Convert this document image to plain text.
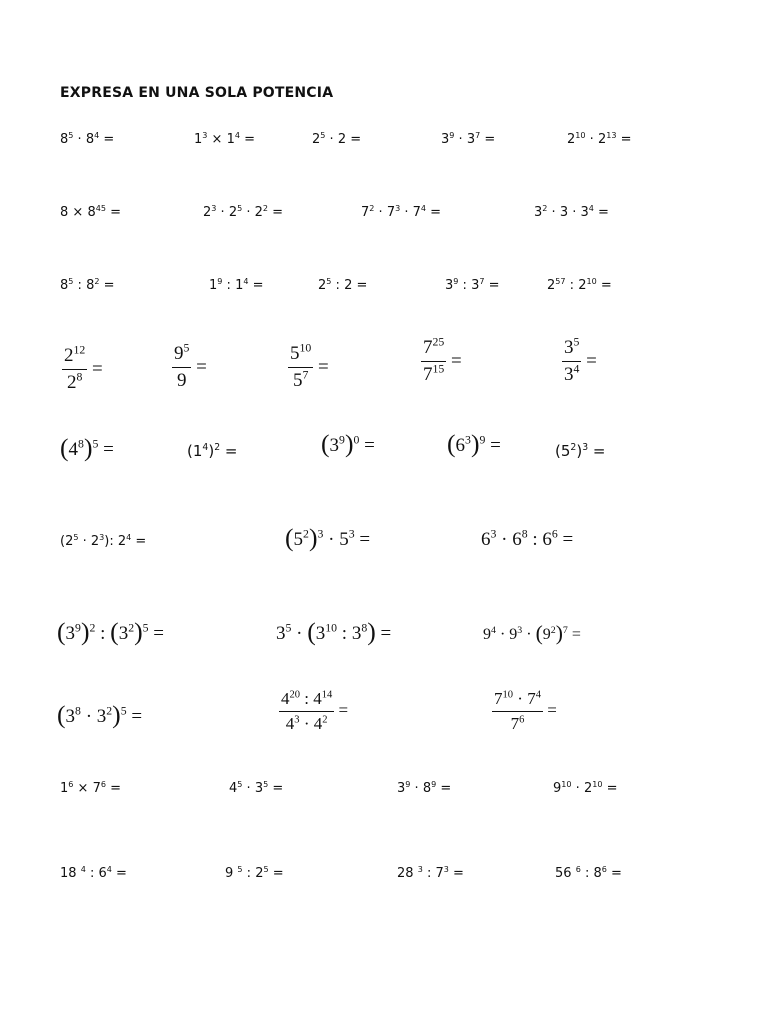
EXPRESA EN UNA SOLA POTENCIA
$8^5 \cdot 8^4$ =	$1^3 \times 1^4$ =	$2^5 \cdot 2$ =	$3^9 \cdot 3^7$ =	$2^{10} \cdot 2^{13}$ =
$8 \times 8^{45}$ =	$2^3 \cdot 2^5 \cdot 2^2$ =	$7^2 \cdot 7^3 \cdot 7^4$ =	$3^2 \cdot 3 \cdot 3^4$ =
$8^5$ : $8^2$ =	$1^9$ : $1^4$ =	$2^5$ : 2 =	$3^9$ : $3^7$ =	$2^{57}$ : $2^{10}$ =
$\frac{2^{12}}{2^8}$ =	$\frac{9^5}{9}$ =	$\frac{5^{10}}{5^7}$ =	$\frac{7^{25}}{7^{15}}$ =	$\frac{3^5}{3^4}$ =
$(4^8)^5$ =	$(1^4)^2$ =	$(3^9)^0$ =	$(6^3)^9$ =	$(5^2)^3$ =
$(2^5 \cdot 2^3)$: $2^4$ =	$(5^2)^3 \cdot 5^3$ =	$6^3 \cdot 6^8$ : $6^6$ =
$(3^9)^2$ : $(3^2)^5$ =	$3^5 \cdot (3^{10}$ : $3^8$) =	$9^4 \cdot 9^3 \cdot (9^2)^7$ =
$(3^8 \cdot 3^2)^5$ =	$\frac{4^{20} : 4^{14}}{4^3 \cdot 4^2}$ =	$\frac{7^{10} \cdot 7^4}{7^6}$ =
$1^6 \times 7^6$ =	$4^5 \cdot 3^5$ =	$3^9 \cdot 8^9$ =	$9^{10} \cdot 2^{10}$ =
18 $^4$ : $6^4$ =	9 $^5$ : $2^5$ =	28 $^3$ : $7^3$ =	56 $^6$ : $8^6$ =
